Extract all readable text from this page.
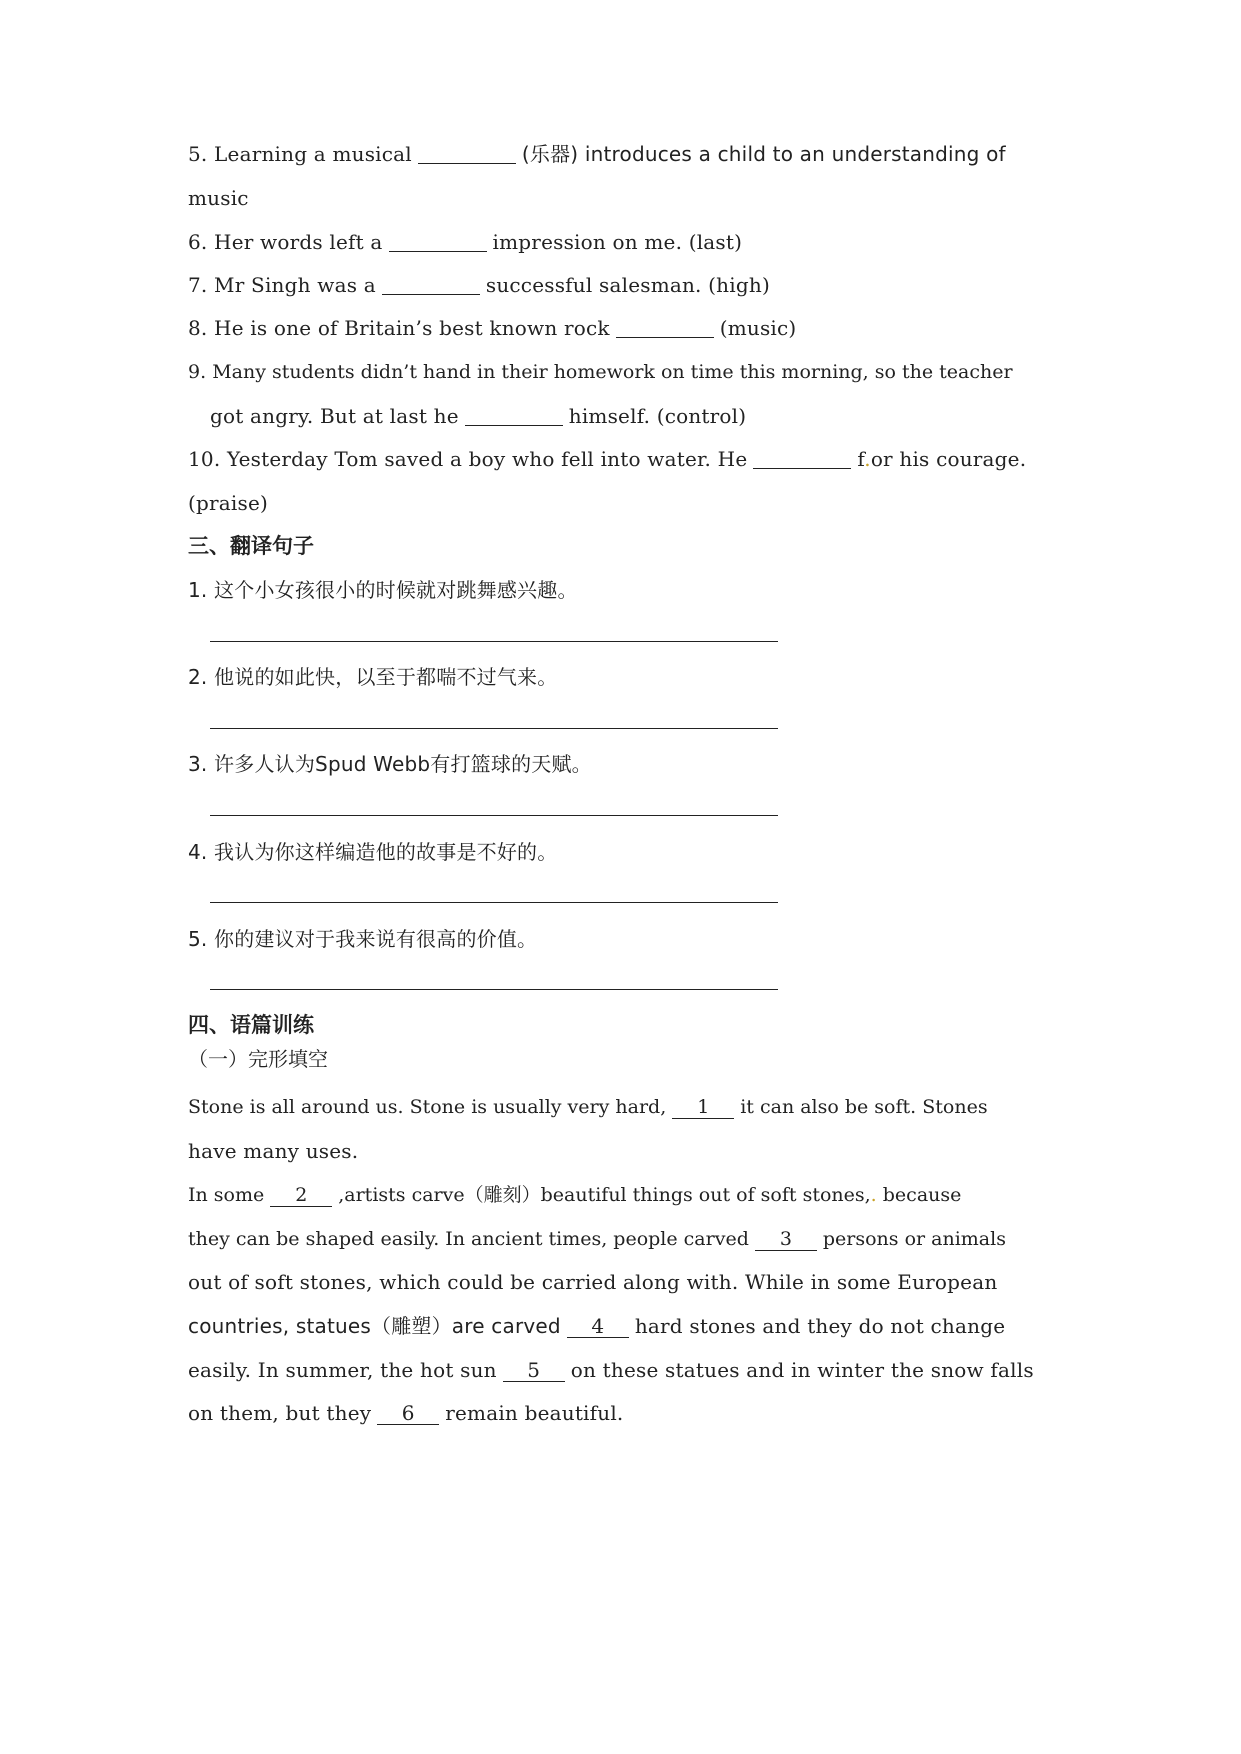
5. Learning a musical	(乐器) introduces a child to an understanding of
music
6. Her words left a	impression on me. (last)
7. Mr Singh was a	successful salesman. (high)
8. He is one of Britain’s best known rock	(music)
9. Many students didn’t hand in their homework on time this morning, so the teacher
got angry. But at last he	himself. (control)
10. Yesterday Tom saved a boy who fell into water. He	f.or his courage.
(praise)
三、翻译句子
1. 这个小女孩很小的时候就对跳舞感兴趣。
2. 他说的如此快，以至于都喘不过气来。
3. 许多人认为Spud Webb有打篮球的天赋。
4. 我认为你这样编造他的故事是不好的。
5. 你的建议对于我来说有很高的价值。
四、语篇训练
（一）完形填空
Stone is all around us. Stone is usually very hard, 1 it can also be soft. Stones
have many uses.
In some 2 ,artists carve（雕刻）beautiful things out of soft stones,. because
they can be shaped easily. In ancient times, people carved 3 persons or animals
out of soft stones, which could be carried along with. While in some European
countries, statues（雕塑）are carved 4 hard stones and they do not change
easily. In summer, the hot sun 5 on these statues and in winter the snow falls
on them, but they 6 remain beautiful.
